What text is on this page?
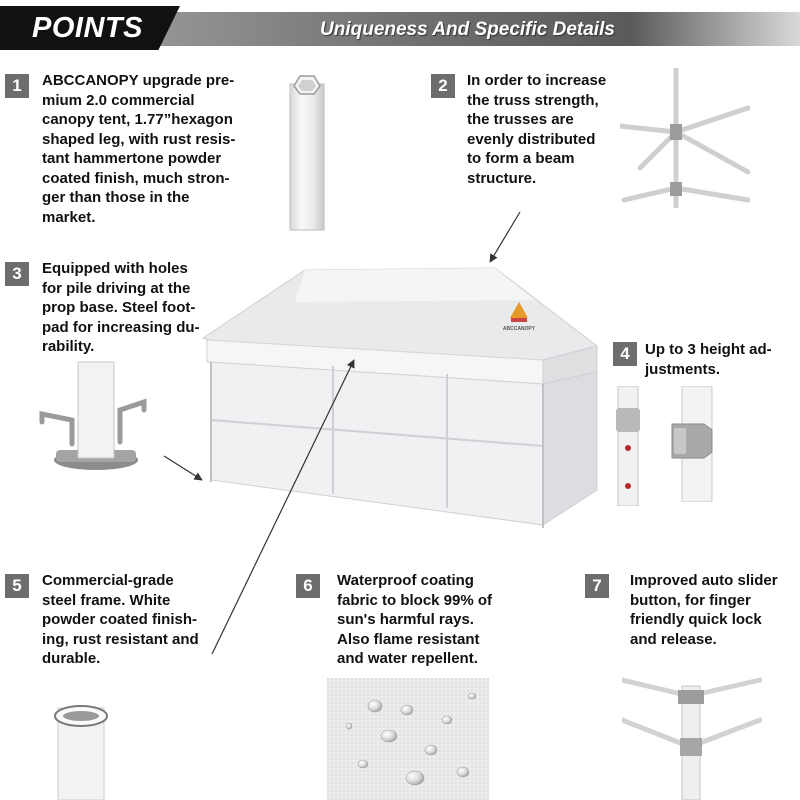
POINTS	Uniqueness And Specific Details
1	ABCCANOPY upgrade pre-
mium 2.0 commercial
canopy tent, 1.77”hexagon
shaped leg, with rust resis-
tant hammertone powder
coated finish, much stron-
ger than those in the
market.
2	In order to increase
the truss strength,
the trusses are
evenly distributed
to form a beam
structure.
3	Equipped with holes
for pile driving at the
prop base. Steel foot-
pad for increasing du-
rability.
ABCCANOPY
4	Up to 3 height ad-
justments.
5	Commercial-grade
steel frame. White
powder coated finish-
ing, rust resistant and
durable.
6	Waterproof coating
fabric to block 99% of
sun's harmful rays.
Also flame resistant
and water repellent.
7	Improved auto slider
button, for finger
friendly quick lock
and release.
